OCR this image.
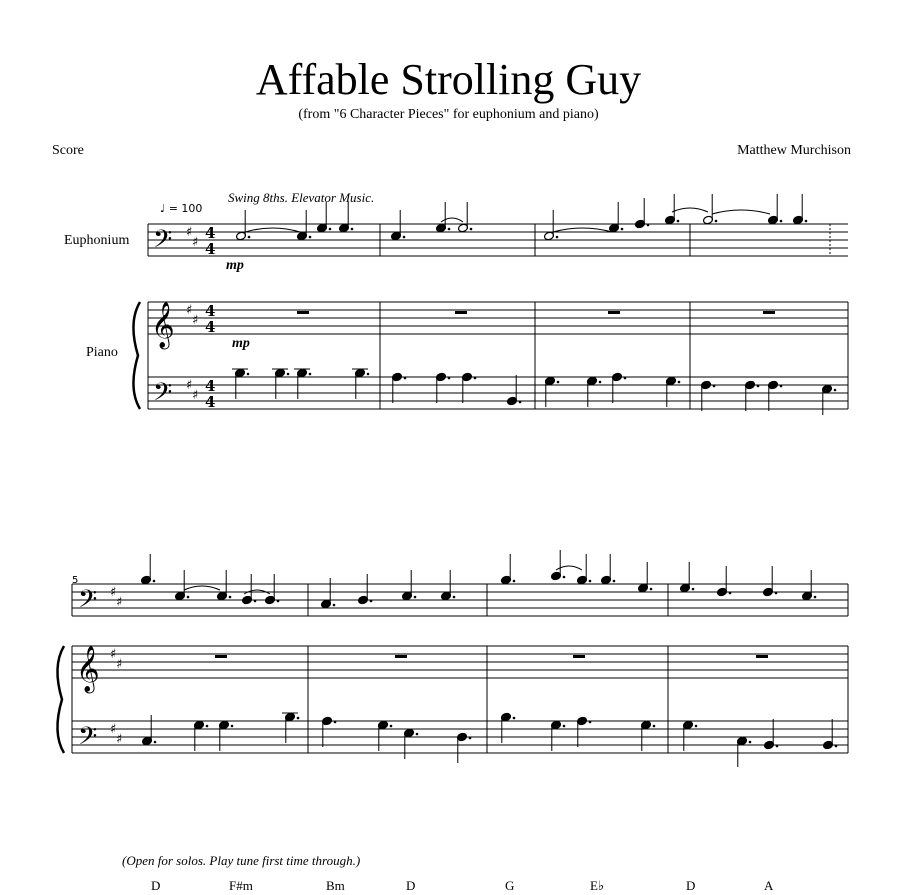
Affable Strolling Guy
(from "6 Character Pieces" for euphonium and piano)
Score	Matthew Murchison
♩ = 100
Swing 8ths. Elevator Music.
Euphonium
Piano
mp
mp
5
(Open for solos. Play tune first time through.)
D	F#m	Bm	D	G	E♭	D	A
𝄢
𝄞
𝄢
♯
♯
4
4
♯
♯
4
4
♯
♯
4
4
𝄢
𝄞
𝄢
♯
♯
♯
♯
♯
♯
